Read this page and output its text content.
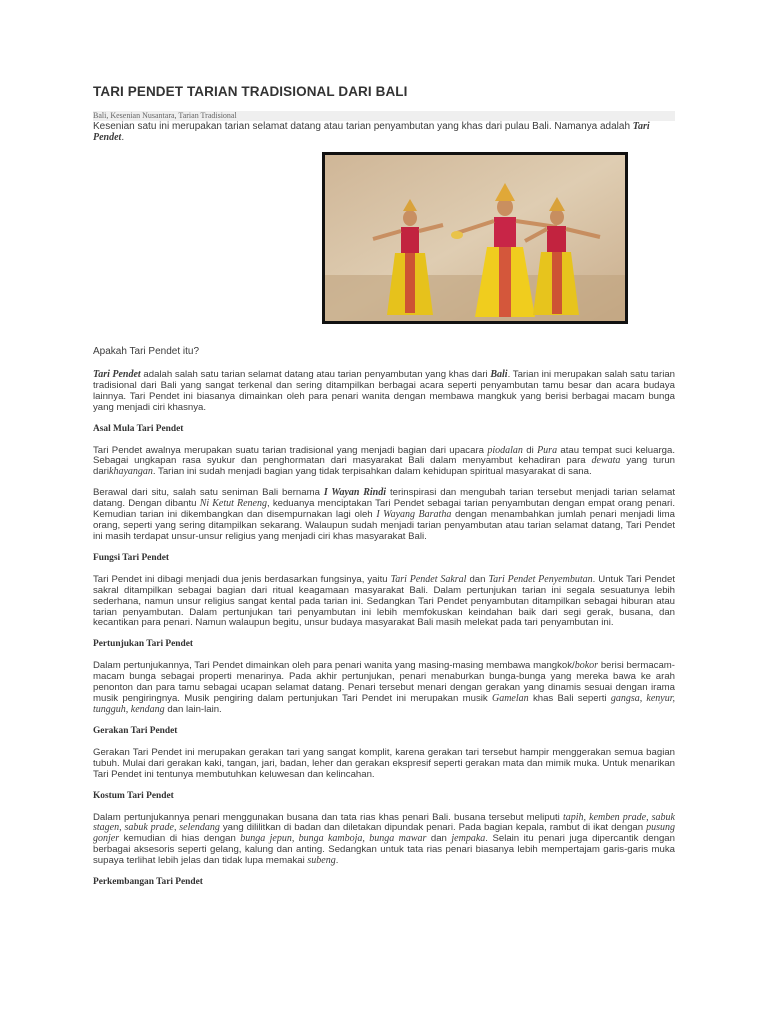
TARI PENDET TARIAN TRADISIONAL DARI BALI
Bali, Kesenian Nusantara, Tarian Tradisional

Kesenian satu ini merupakan tarian selamat datang atau tarian penyambutan yang khas dari pulau Bali. Namanya adalah Tari Pendet.

Apakah Tari Pendet itu?

Tari Pendet adalah salah satu tarian selamat datang atau tarian penyambutan yang khas dari Bali. Tarian ini merupakan salah satu tarian tradisional dari Bali yang sangat terkenal dan sering ditampilkan berbagai acara seperti penyambutan tamu besar dan acara budaya lainnya. Tari Pendet ini biasanya dimainkan oleh para penari wanita dengan membawa mangkuk yang berisi berbagai macam bunga yang menjadi ciri khasnya.

Asal Mula Tari Pendet

Tari Pendet awalnya merupakan suatu tarian tradisional yang menjadi bagian dari upacara piodalan di Pura atau tempat suci keluarga. Sebagai ungkapan rasa syukur dan penghormatan dari masyarakat Bali dalam menyambut kehadiran para dewata yang turun darikhayangan. Tarian ini sudah menjadi bagian yang tidak terpisahkan dalam kehidupan spiritual masyarakat di sana.

Berawal dari situ, salah satu seniman Bali bernama I Wayan Rindi terinspirasi dan mengubah tarian tersebut menjadi tarian selamat datang. Dengan dibantu Ni Ketut Reneng, keduanya menciptakan Tari Pendet sebagai tarian penyambutan dengan empat orang penari. Kemudian tarian ini dikembangkan dan disempurnakan lagi oleh I Wayang Baratha dengan menambahkan jumlah penari menjadi lima orang, seperti yang sering ditampilkan sekarang. Walaupun sudah menjadi tarian penyambutan atau tarian selamat datang, Tari Pendet ini masih terdapat unsur-unsur religius yang menjadi ciri khas masyarakat Bali.

Fungsi Tari Pendet

Tari Pendet ini dibagi menjadi dua jenis berdasarkan fungsinya, yaitu Tari Pendet Sakral dan Tari Pendet Penyembutan. Untuk Tari Pendet sakral ditampilkan sebagai bagian dari ritual keagamaan masyarakat Bali. Dalam pertunjukan tarian ini segala sesuatunya lebih sederhana, namun unsur religius sangat kental pada tarian ini. Sedangkan Tari Pendet penyambutan ditampilkan sebagai hiburan atau tarian penyambutan. Dalam pertunjukan tari penyambutan ini lebih memfokuskan keindahan baik dari segi gerak, busana, dan kecantikan para penari. Namun walaupun begitu, unsur budaya masyarakat Bali masih melekat pada tari penyambutan ini.

Pertunjukan Tari Pendet

Dalam pertunjukannya, Tari Pendet dimainkan oleh para penari wanita yang masing-masing membawa mangkok/bokor berisi bermacam-macam bunga sebagai properti menarinya. Pada akhir pertunjukan, penari menaburkan bunga-bunga yang mereka bawa ke arah penonton dan para tamu sebagai ucapan selamat datang. Penari tersebut menari dengan gerakan yang dinamis sesuai dengan irama musik pengiringnya. Musik pengiring dalam pertunjukan Tari Pendet ini merupakan musik Gamelan khas Bali seperti gangsa, kenyur, tungguh, kendang dan lain-lain.

Gerakan Tari Pendet

Gerakan Tari Pendet ini merupakan gerakan tari yang sangat komplit, karena gerakan tari tersebut hampir menggerakan semua bagian tubuh. Mulai dari gerakan kaki, tangan, jari, badan, leher dan gerakan ekspresif seperti gerakan mata dan mimik muka. Untuk menarikan Tari Pendet ini tentunya membutuhkan keluwesan dan kelincahan.

Kostum Tari Pendet

Dalam pertunjukannya penari menggunakan busana dan tata rias khas penari Bali. busana tersebut meliputi tapih, kemben prade, sabuk stagen, sabuk prade, selendang yang dililitkan di badan dan diletakan dipundak penari. Pada bagian kepala, rambut di ikat dengan pusung gonjer kemudian di hias dengan bunga jepun, bunga kamboja, bunga mawar dan jempaka. Selain itu penari juga dipercantik dengan berbagai aksesoris seperti gelang, kalung dan anting. Sedangkan untuk tata rias penari biasanya lebih mempertajam garis-garis muka supaya terlihat lebih jelas dan tidak lupa memakai subeng.

Perkembangan Tari Pendet
